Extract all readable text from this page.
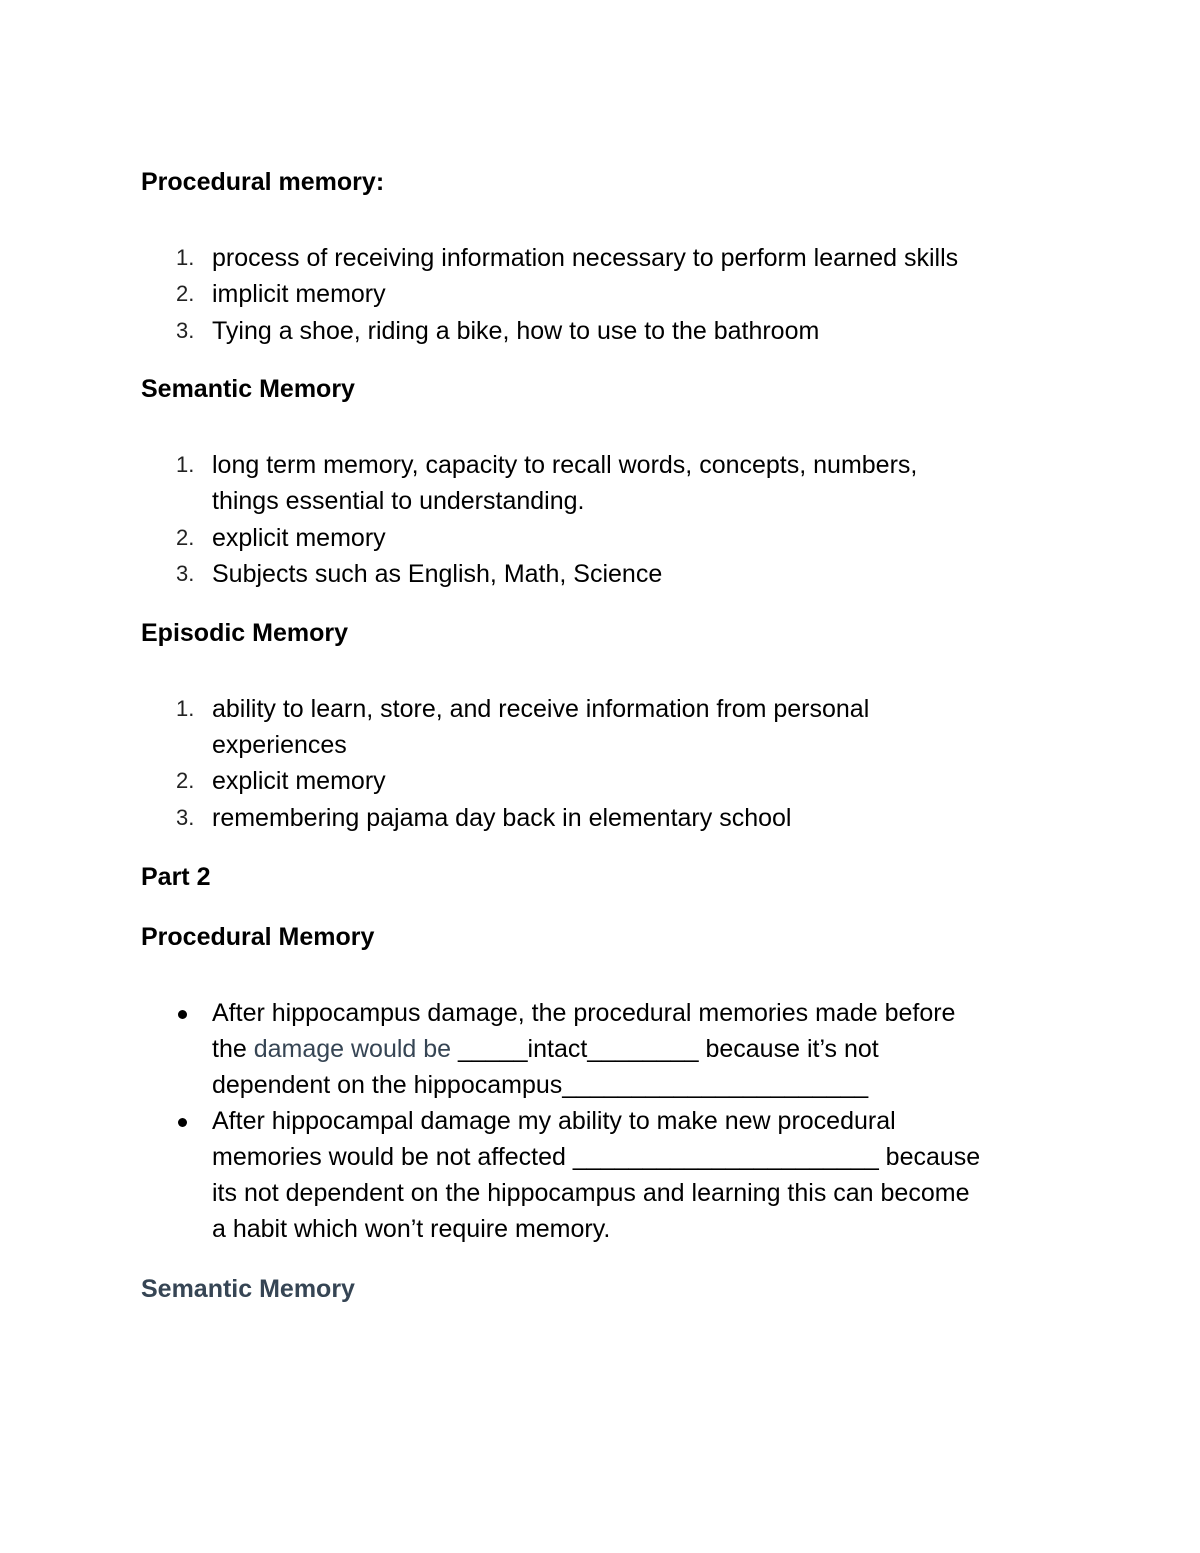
Procedural memory:
1. process of receiving information necessary to perform learned skills
2. implicit memory
3. Tying a shoe, riding a bike, how to use to the bathroom
Semantic Memory
1. long term memory, capacity to recall words, concepts, numbers,
things essential to understanding.
2. explicit memory
3. Subjects such as English, Math, Science
Episodic Memory
1. ability to learn, store, and receive information from personal
experiences
2. explicit memory
3. remembering pajama day back in elementary school
Part 2
Procedural Memory
After hippocampus damage, the procedural memories made before
the damage would be _____intact________ because it’s not
dependent on the hippocampus______________________
After hippocampal damage my ability to make new procedural
memories would be not affected ______________________ because
its not dependent on the hippocampus and learning this can become
a habit which won’t require memory.
Semantic Memory
